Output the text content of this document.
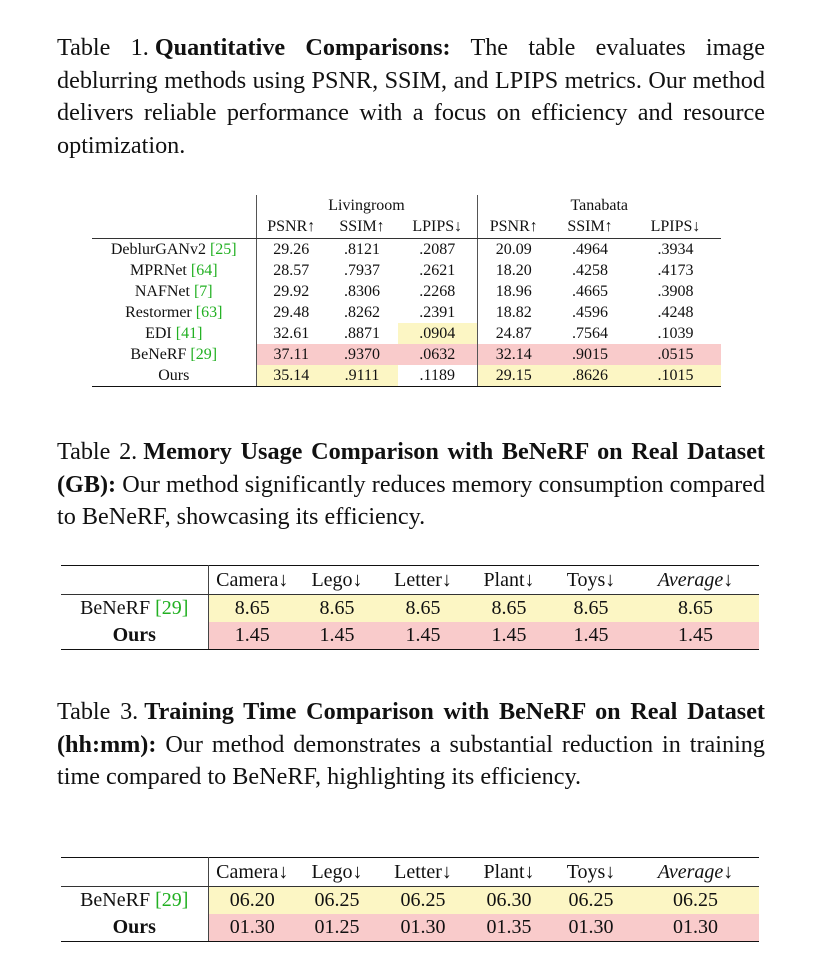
Table 1. Quantitative Comparisons: The table evaluates image deblurring methods using PSNR, SSIM, and LPIPS metrics. Our method delivers reliable performance with a focus on efficiency and resource optimization.
	Livingroom			Tanabata		
	PSNR↑	SSIM↑	LPIPS↓	PSNR↑	SSIM↑	LPIPS↓
DeblurGANv2 [25]	29.26	.8121	.2087	20.09	.4964	.3934
MPRNet [64]	28.57	.7937	.2621	18.20	.4258	.4173
NAFNet [7]	29.92	.8306	.2268	18.96	.4665	.3908
Restormer [63]	29.48	.8262	.2391	18.82	.4596	.4248
EDI [41]	32.61	.8871	.0904	24.87	.7564	.1039
BeNeRF [29]	37.11	.9370	.0632	32.14	.9015	.0515
Ours	35.14	.9111	.1189	29.15	.8626	.1015
Table 2. Memory Usage Comparison with BeNeRF on Real Dataset (GB): Our method significantly reduces memory consumption compared to BeNeRF, showcasing its efficiency.
	Camera↓	Lego↓	Letter↓	Plant↓	Toys↓	Average↓
BeNeRF [29]	8.65	8.65	8.65	8.65	8.65	8.65
Ours	1.45	1.45	1.45	1.45	1.45	1.45
Table 3. Training Time Comparison with BeNeRF on Real Dataset (hh:mm): Our method demonstrates a substantial reduction in training time compared to BeNeRF, highlighting its efficiency.
	Camera↓	Lego↓	Letter↓	Plant↓	Toys↓	Average↓
BeNeRF [29]	06.20	06.25	06.25	06.30	06.25	06.25
Ours	01.30	01.25	01.30	01.35	01.30	01.30
